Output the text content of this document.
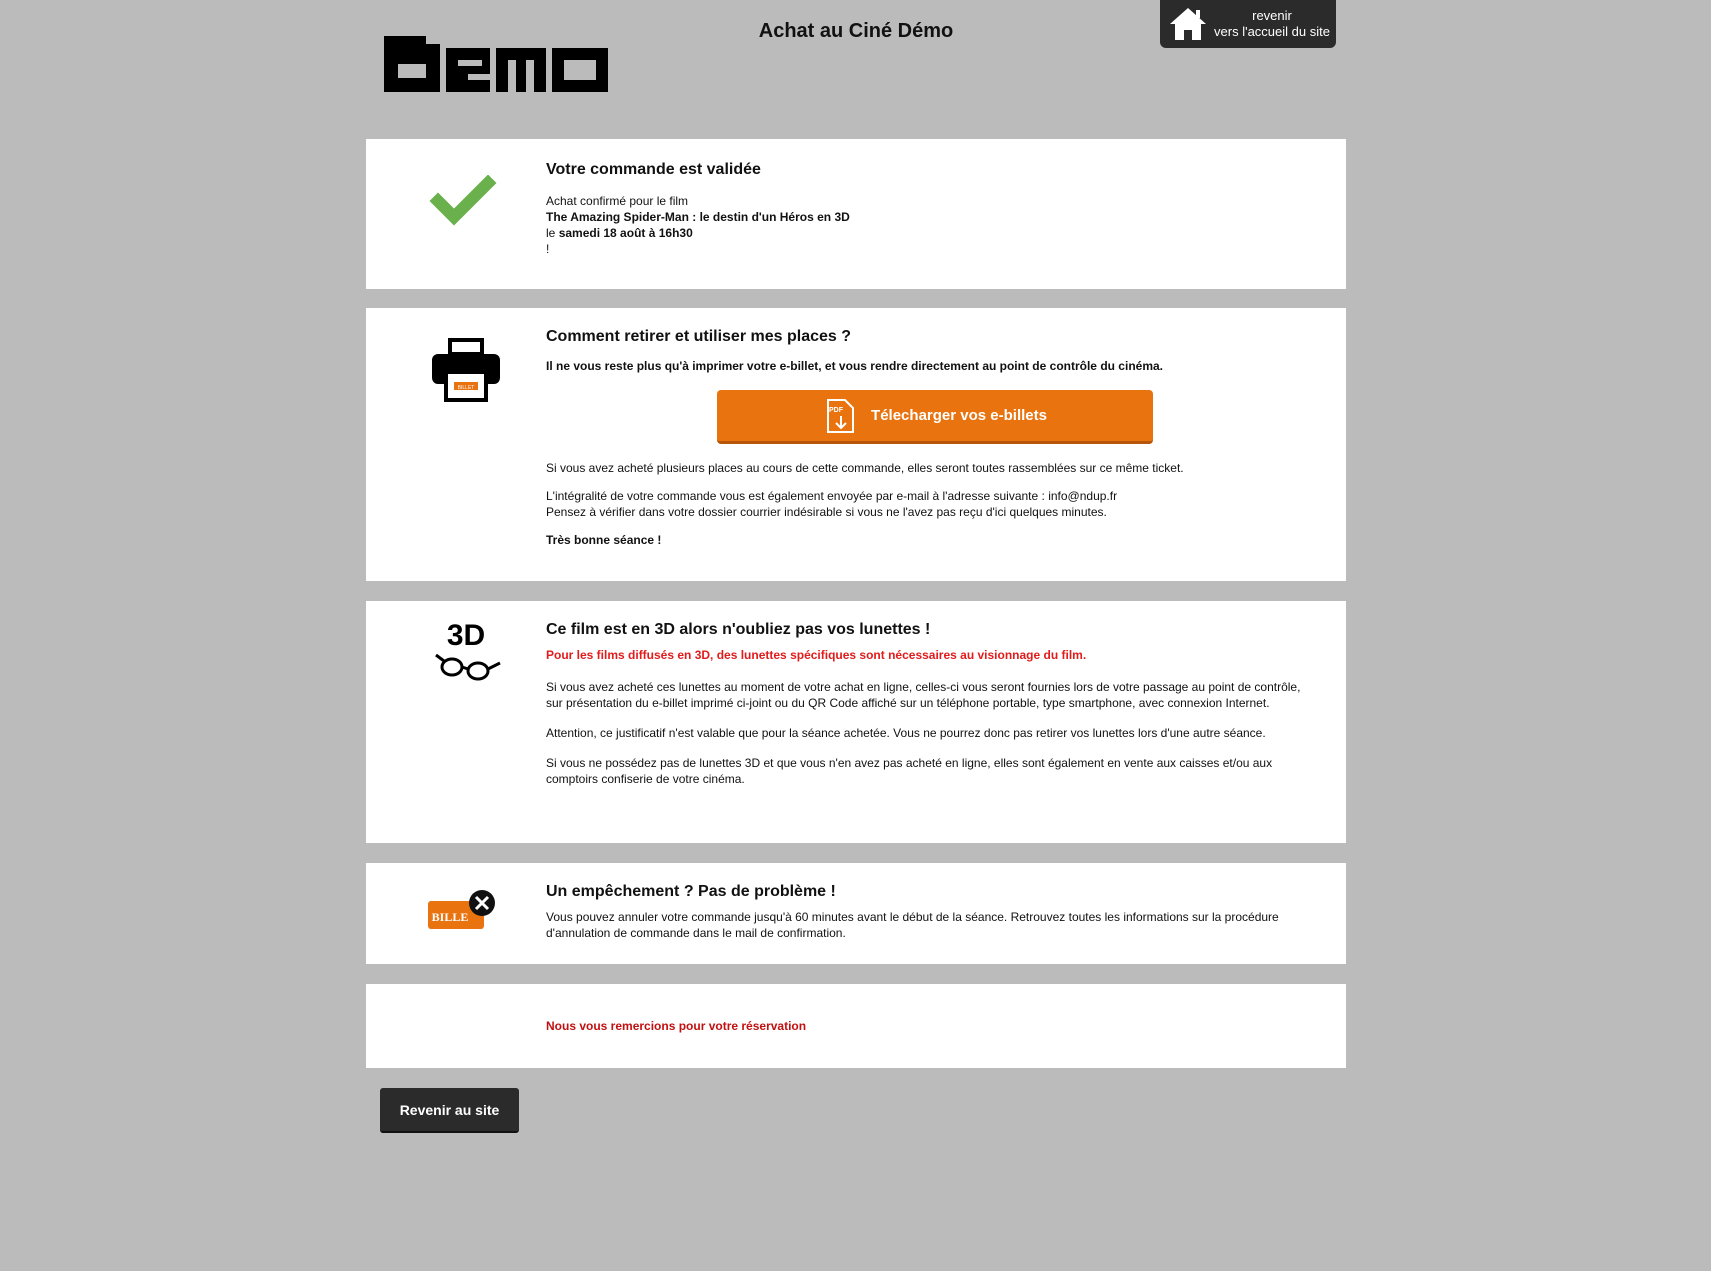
Achat au Ciné Démo
revenir
vers l'accueil du site
Votre commande est validée

Achat confirmé pour le film

The Amazing Spider-Man : le destin d'un Héros en 3D

le samedi 18 août à 16h30

!

BILLET
Comment retirer et utiliser mes places ?

Il ne vous reste plus qu'à imprimer votre e-billet, et vous rendre directement au point de contrôle du cinéma.

PDF Télecharger vos e-billets

Si vous avez acheté plusieurs places au cours de cette commande, elles seront toutes rassemblées sur ce même ticket.

L'intégralité de votre commande vous est également envoyée par e-mail à l'adresse suivante : info@ndup.fr

Pensez à vérifier dans votre dossier courrier indésirable si vous ne l'avez pas reçu d'ici quelques minutes.

Très bonne séance !

3D	Ce film est en 3D alors n'oubliez pas vos lunettes !

Pour les films diffusés en 3D, des lunettes spécifiques sont nécessaires au visionnage du film.

Si vous avez acheté ces lunettes au moment de votre achat en ligne, celles-ci vous seront fournies lors de votre passage au point de contrôle, sur présentation du e-billet imprimé ci-joint ou du QR Code affiché sur un téléphone portable, type smartphone, avec connexion Internet.

Attention, ce justificatif n'est valable que pour la séance achetée. Vous ne pourrez donc pas retirer vos lunettes lors d'une autre séance.

Si vous ne possédez pas de lunettes 3D et que vous n'en avez pas acheté en ligne, elles sont également en vente aux caisses et/ou aux comptoirs confiserie de votre cinéma.

BILLE
Un empêchement ? Pas de problème !

Vous pouvez annuler votre commande jusqu'à 60 minutes avant le début de la séance. Retrouvez toutes les informations sur la procédure d'annulation de commande dans le mail de confirmation.

Nous vous remercions pour votre réservation

Revenir au site
